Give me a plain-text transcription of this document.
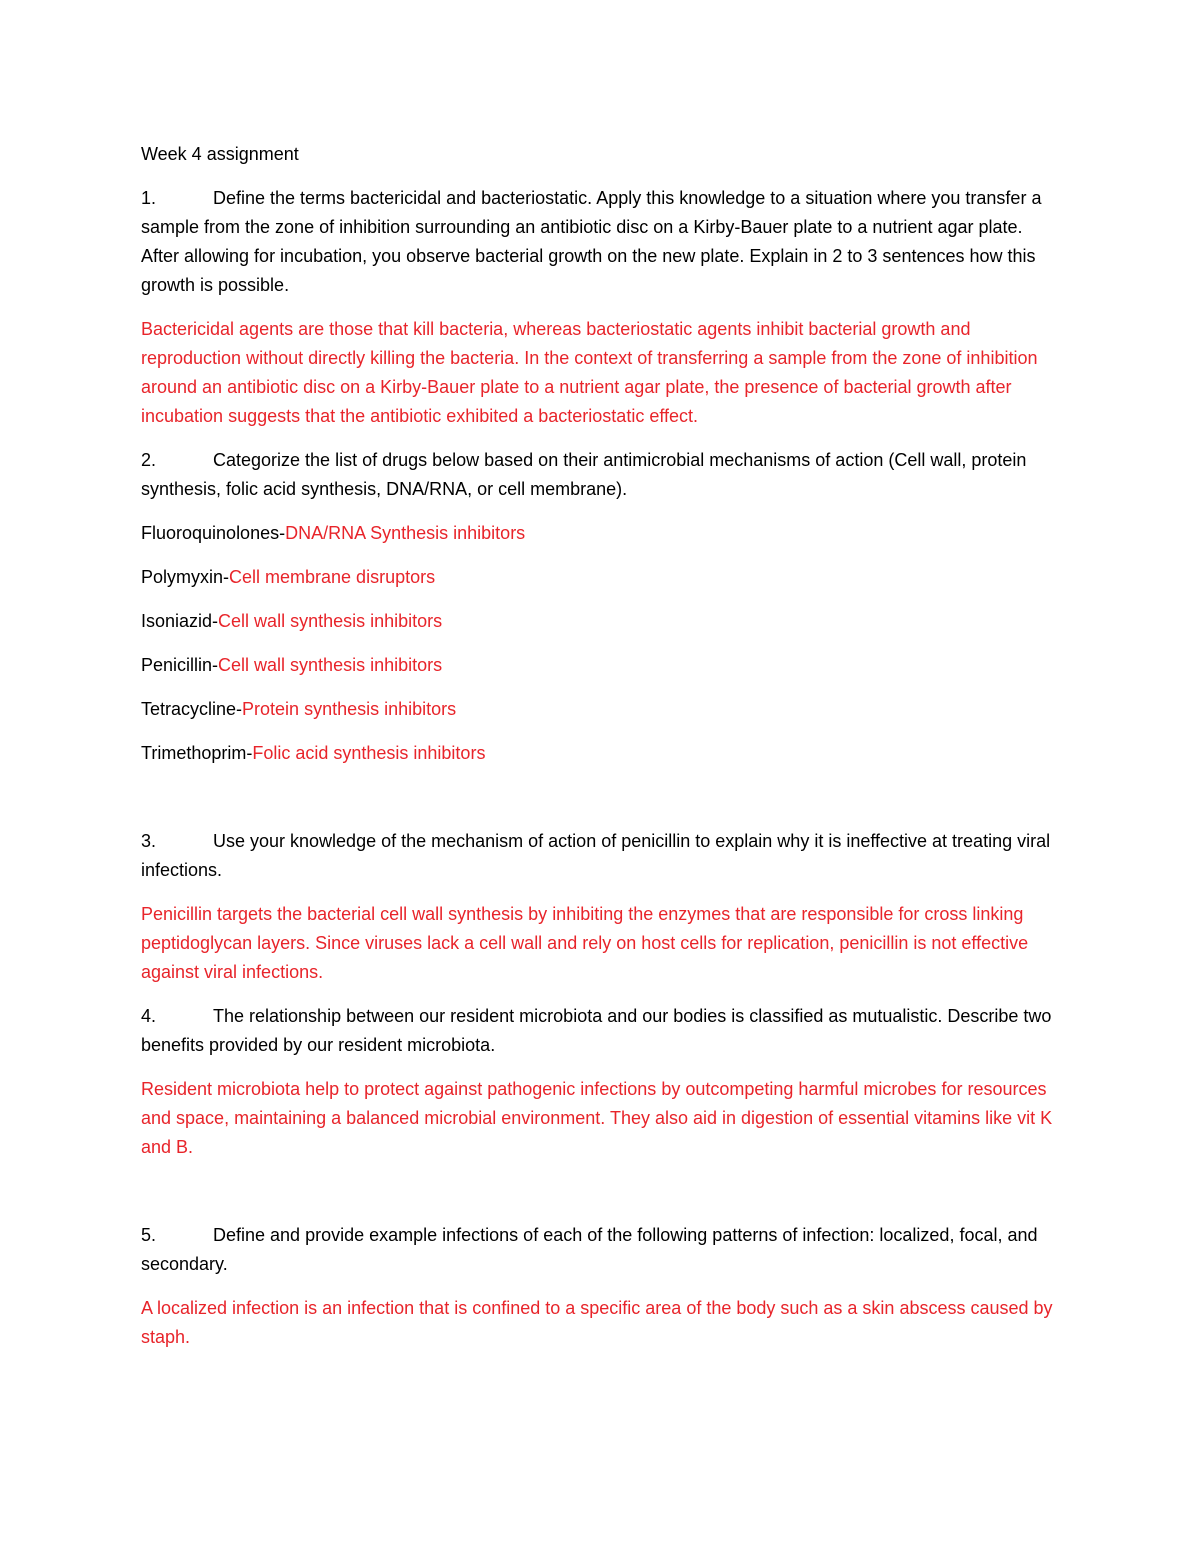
Week 4 assignment
1.	Define the terms bactericidal and bacteriostatic. Apply this knowledge to a situation where you transfer a sample from the zone of inhibition surrounding an antibiotic disc on a Kirby-Bauer plate to a nutrient agar plate. After allowing for incubation, you observe bacterial growth on the new plate. Explain in 2 to 3 sentences how this growth is possible.
Bactericidal agents are those that kill bacteria, whereas bacteriostatic agents inhibit bacterial growth and reproduction without directly killing the bacteria. In the context of transferring a sample from the zone of inhibition around an antibiotic disc on a Kirby-Bauer plate to a nutrient agar plate, the presence of bacterial growth after incubation suggests that the antibiotic exhibited a bacteriostatic effect.
2.	Categorize the list of drugs below based on their antimicrobial mechanisms of action (Cell wall, protein synthesis, folic acid synthesis, DNA/RNA, or cell membrane).
Fluoroquinolones-DNA/RNA Synthesis inhibitors
Polymyxin-Cell membrane disruptors
Isoniazid-Cell wall synthesis inhibitors
Penicillin-Cell wall synthesis inhibitors
Tetracycline-Protein synthesis inhibitors
Trimethoprim-Folic acid synthesis inhibitors
3.	Use your knowledge of the mechanism of action of penicillin to explain why it is ineffective at treating viral infections.
Penicillin targets the bacterial cell wall synthesis by inhibiting the enzymes that are responsible for cross linking peptidoglycan layers. Since viruses lack a cell wall and rely on host cells for replication, penicillin is not effective against viral infections.
4.	The relationship between our resident microbiota and our bodies is classified as mutualistic. Describe two benefits provided by our resident microbiota.
Resident microbiota help to protect against pathogenic infections by outcompeting harmful microbes for resources and space, maintaining a balanced microbial environment. They also aid in digestion of essential vitamins like vit K and B.
5.	Define and provide example infections of each of the following patterns of infection: localized, focal, and secondary.
A localized infection is an infection that is confined to a specific area of the body such as a skin abscess caused by staph.
